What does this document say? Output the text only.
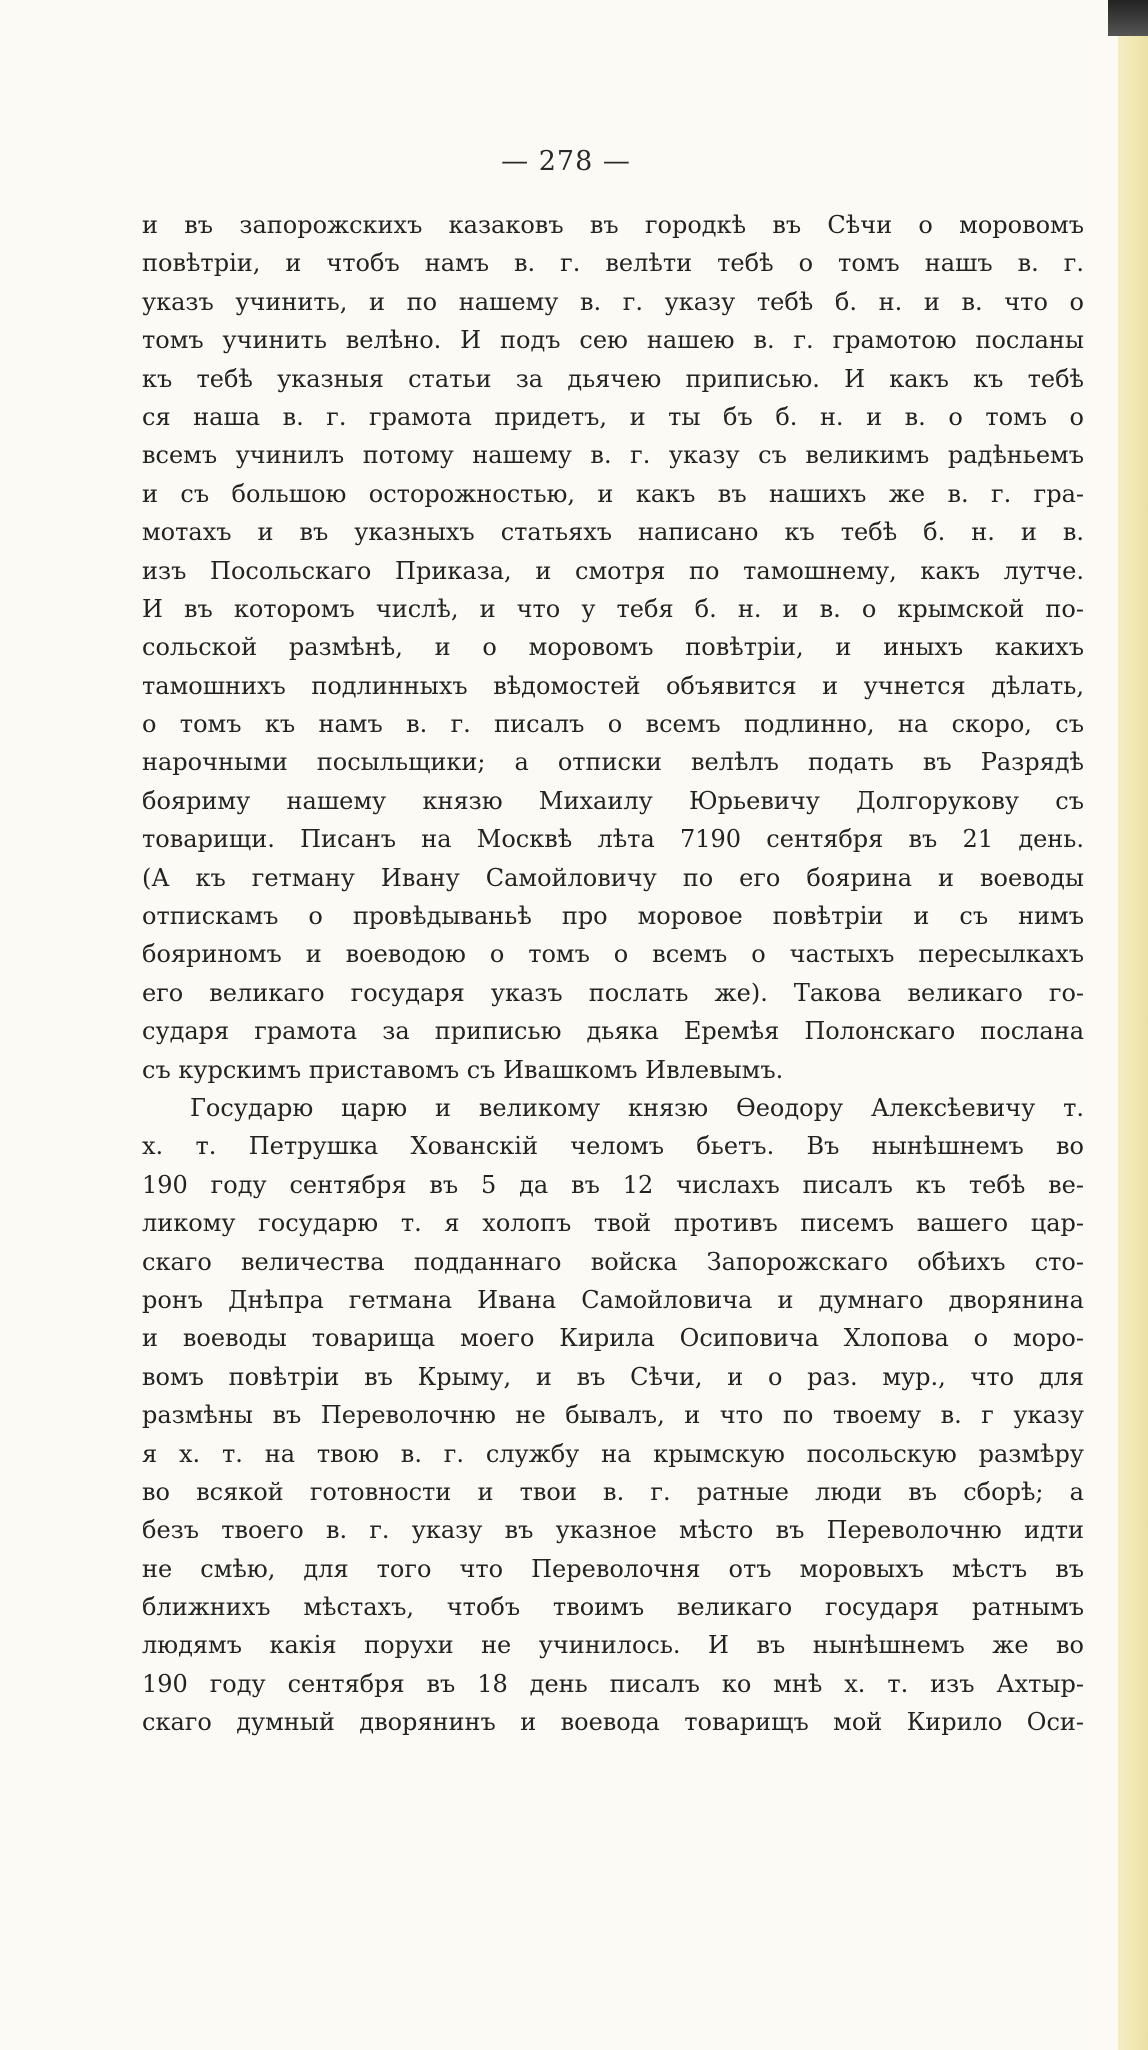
— 278 —
и въ запорожскихъ казаковъ въ городкѣ въ Сѣчи о моровомъ
повѣтріи, и чтобъ намъ в. г. велѣти тебѣ о томъ нашъ в. г.
указъ учинить, и по нашему в. г. указу тебѣ б. н. и в. что о
томъ учинить велѣно. И подъ сею нашею в. г. грамотою посланы
къ тебѣ указныя статьи за дьячею приписью. И какъ къ тебѣ
ся наша в. г. грамота придетъ, и ты бъ б. н. и в. о томъ о
всемъ учинилъ потому нашему в. г. указу съ великимъ радѣньемъ
и съ большою осторожностью, и какъ въ нашихъ же в. г. гра-
мотахъ и въ указныхъ статьяхъ написано къ тебѣ б. н. и в.
изъ Посольскаго Приказа, и смотря по тамошнему, какъ лутче.
И въ которомъ числѣ, и что у тебя б. н. и в. о крымской по-
сольской размѣнѣ, и о моровомъ повѣтріи, и иныхъ какихъ
тамошнихъ подлинныхъ вѣдомостей объявится и учнется дѣлать,
о томъ къ намъ в. г. писалъ о всемъ подлинно, на скоро, съ
нарочными посыльщики; а отписки велѣлъ подать въ Разрядѣ
бояриму нашему князю Михаилу Юрьевичу Долгорукову съ
товарищи. Писанъ на Москвѣ лѣта 7190 сентября въ 21 день.
(А къ гетману Ивану Самойловичу по его боярина и воеводы
отпискамъ о провѣдываньѣ про моровое повѣтріи и съ нимъ
бояриномъ и воеводою о томъ о всемъ о частыхъ пересылкахъ
его великаго государя указъ послать же). Такова великаго го-
сударя грамота за приписью дьяка Еремѣя Полонскаго послана
съ курскимъ приставомъ съ Ивашкомъ Ивлевымъ.
Государю царю и великому князю Ѳеодору Алексѣевичу т.
х. т. Петрушка Хованскій челомъ бьетъ. Въ нынѣшнемъ во
190 году сентября въ 5 да въ 12 числахъ писалъ къ тебѣ ве-
ликому государю т. я холопъ твой противъ писемъ вашего цар-
скаго величества подданнаго войска Запорожскаго обѣихъ сто-
ронъ Днѣпра гетмана Ивана Самойловича и думнаго дворянина
и воеводы товарища моего Кирила Осиповича Хлопова о моро-
вомъ повѣтріи въ Крыму, и въ Сѣчи, и о раз. мур., что для
размѣны въ Переволочню не бывалъ, и что по твоему в. г указу
я х. т. на твою в. г. службу на крымскую посольскую размѣру
во всякой готовности и твои в. г. ратные люди въ сборѣ; а
безъ твоего в. г. указу въ указное мѣсто въ Переволочню идти
не смѣю, для того что Переволочня отъ моровыхъ мѣстъ въ
ближнихъ мѣстахъ, чтобъ твоимъ великаго государя ратнымъ
людямъ какія порухи не учинилось. И въ нынѣшнемъ же во
190 году сентября въ 18 день писалъ ко мнѣ х. т. изъ Ахтыр-
скаго думный дворянинъ и воевода товарищъ мой Кирило Оси-
